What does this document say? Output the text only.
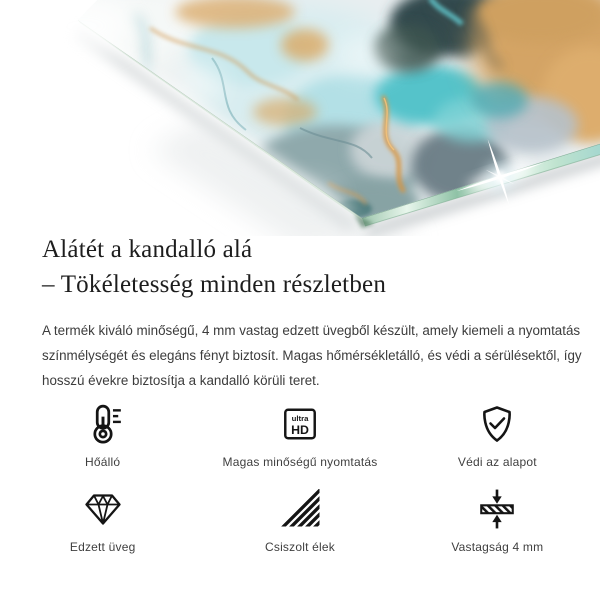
Alátét a kandalló alá
– Tökéletesség minden részletben
A termék kiváló minőségű, 4 mm vastag edzett üvegből készült, amely kiemeli a nyomtatás
színmélységét és elegáns fényt biztosít. Magas hőmérsékletálló, és védi a sérülésektől, így
hosszú évekre biztosítja a kandalló körüli teret.
Hőálló
ultra
HD
Magas minőségű nyomtatás	Védi az alapot
Edzett üveg	Csiszolt élek	Vastagság 4 mm
